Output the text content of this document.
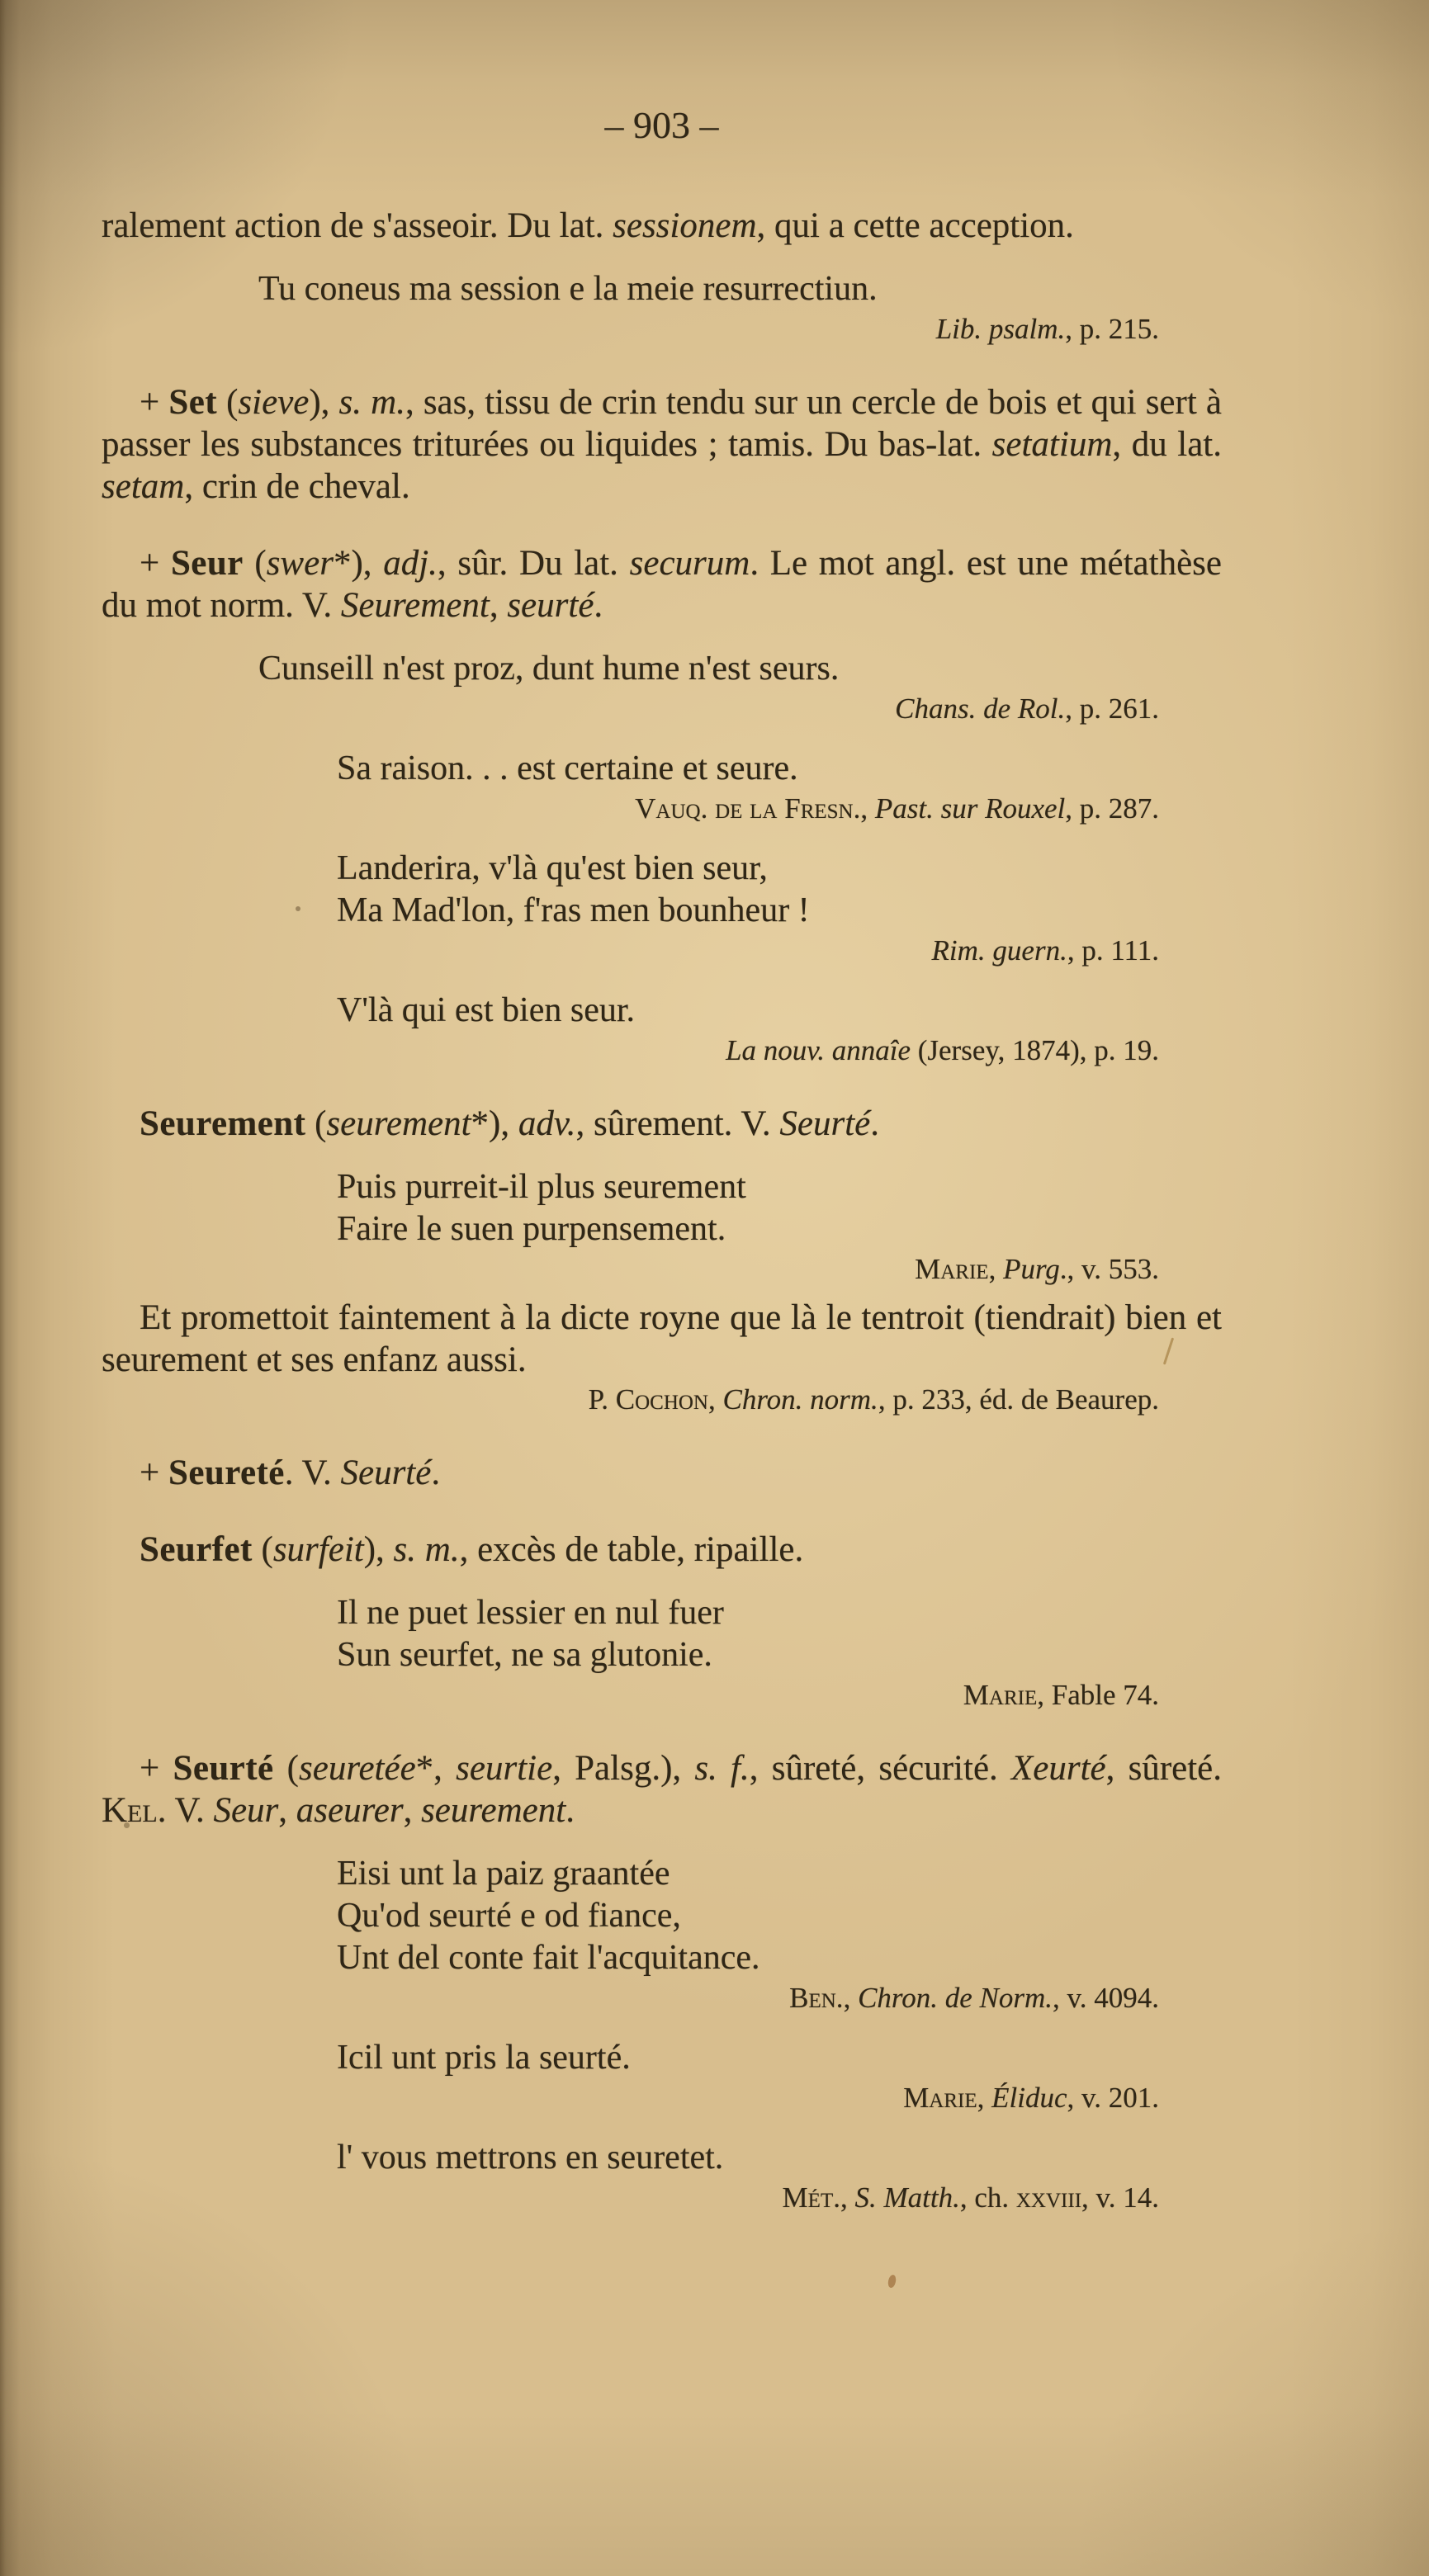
– 903 –
ralement action de s'asseoir. Du lat. sessionem, qui a cette acception.
Tu coneus ma session e la meie resurrectiun.
Lib. psalm., p. 215.
+ Set (sieve), s. m., sas, tissu de crin tendu sur un cercle de bois et qui sert à passer les substances triturées ou liquides ; tamis. Du bas-lat. setatium, du lat. setam, crin de cheval.
+ Seur (swer*), adj., sûr. Du lat. securum. Le mot angl. est une métathèse du mot norm. V. Seurement, seurté.
Cunseill n'est proz, dunt hume n'est seurs.
Chans. de Rol., p. 261.
Sa raison. . . est certaine et seure.
Vauq. de la Fresn., Past. sur Rouxel, p. 287.
Landerira, v'là qu'est bien seur,
Ma Mad'lon, f'ras men bounheur !
Rim. guern., p. 111.
V'là qui est bien seur.
La nouv. annaîe (Jersey, 1874), p. 19.
Seurement (seurement*), adv., sûrement. V. Seurté.
Puis purreit-il plus seurement
Faire le suen purpensement.
Marie, Purg., v. 553.
Et promettoit faintement à la dicte royne que là le tentroit (tiendrait) bien et seurement et ses enfanz aussi.
P. Cochon, Chron. norm., p. 233, éd. de Beaurep.
+ Seureté. V. Seurté.
Seurfet (surfeit), s. m., excès de table, ripaille.
Il ne puet lessier en nul fuer
Sun seurfet, ne sa glutonie.
Marie, Fable 74.
+ Seurté (seuretée*, seurtie, Palsg.), s. f., sûreté, sécurité. Xeurté, sûreté. Kel. V. Seur, aseurer, seurement.
Eisi unt la paiz graantée
Qu'od seurté e od fiance,
Unt del conte fait l'acquitance.
Ben., Chron. de Norm., v. 4094.
Icil unt pris la seurté.
Marie, Éliduc, v. 201.
l' vous mettrons en seuretet.
Mét., S. Matth., ch. xxviii, v. 14.
